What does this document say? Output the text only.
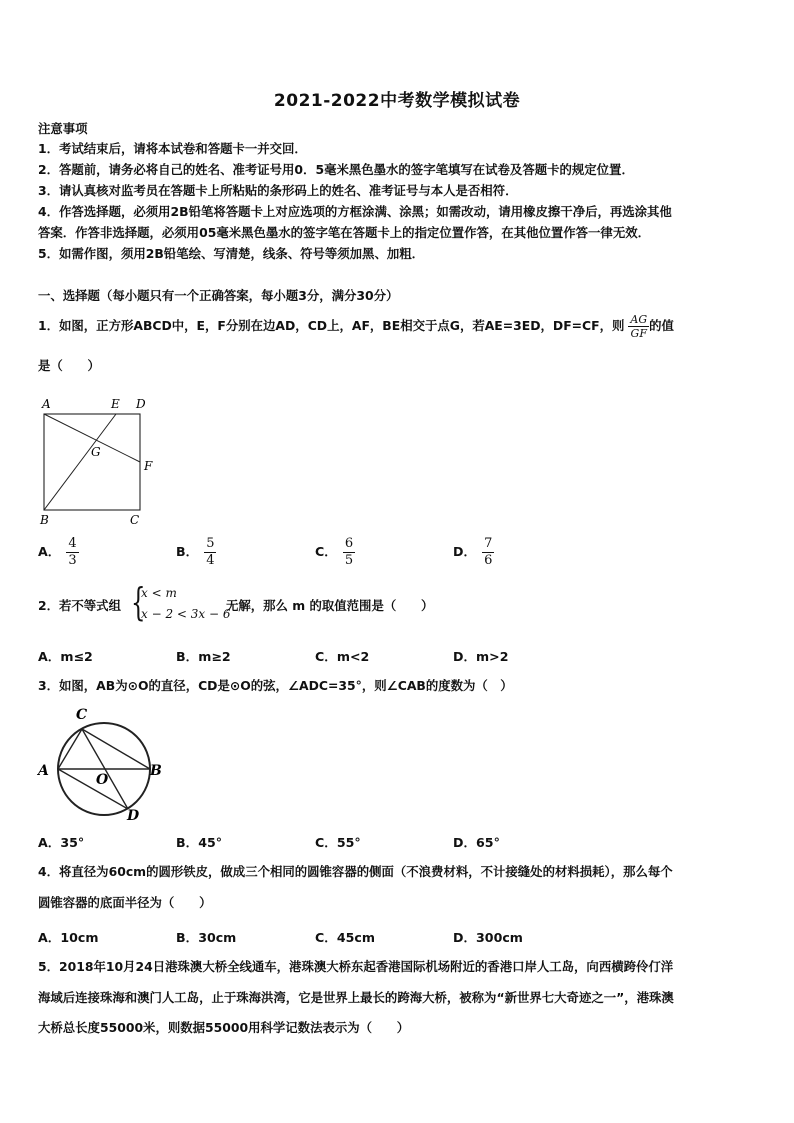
2021-2022中考数学模拟试卷
注意事项
1．考试结束后，请将本试卷和答题卡一并交回．
2．答题前，请务必将自己的姓名、准考证号用0．5毫米黑色墨水的签字笔填写在试卷及答题卡的规定位置．
3．请认真核对监考员在答题卡上所粘贴的条形码上的姓名、准考证号与本人是否相符．
4．作答选择题，必须用2B铅笔将答题卡上对应选项的方框涂满、涂黑；如需改动，请用橡皮擦干净后，再选涂其他
答案．作答非选择题，必须用05毫米黑色墨水的签字笔在答题卡上的指定位置作答，在其他位置作答一律无效．
5．如需作图，须用2B铅笔绘、写清楚，线条、符号等须加黑、加粗．
一、选择题（每小题只有一个正确答案，每小题3分，满分30分）
1．如图，正方形ABCD中，E，F分别在边AD，CD上，AF，BE相交于点G，若AE=3ED，DF=CF，则 $\frac{AG}{GF}$ 的值
是（　　）
A	E D
G
F
B	C
A． $\frac{4}{3}$	B． $\frac{5}{4}$	C． $\frac{6}{5}$	D． $\frac{7}{6}$
2．若不等式组 {
x < m
x − 2 < 3x − 6
无解，那么 m 的取值范围是（　　）
A．m≤2	B．m≥2	C．m<2	D．m>2
3．如图，AB为⊙O的直径，CD是⊙O的弦，∠ADC=35°，则∠CAB的度数为（　）
C
A
O
B
D
A．35°	B．45°	C．55°	D．65°
4．将直径为60cm的圆形铁皮，做成三个相同的圆锥容器的侧面（不浪费材料，不计接缝处的材料损耗），那么每个
圆锥容器的底面半径为（　　）
A．10cm	B．30cm	C．45cm	D．300cm
5．2018年10月24日港珠澳大桥全线通车，港珠澳大桥东起香港国际机场附近的香港口岸人工岛，向西横跨伶仃洋
海域后连接珠海和澳门人工岛，止于珠海洪湾，它是世界上最长的跨海大桥，被称为“新世界七大奇迹之一”，港珠澳
大桥总长度55000米，则数据55000用科学记数法表示为（　　）
